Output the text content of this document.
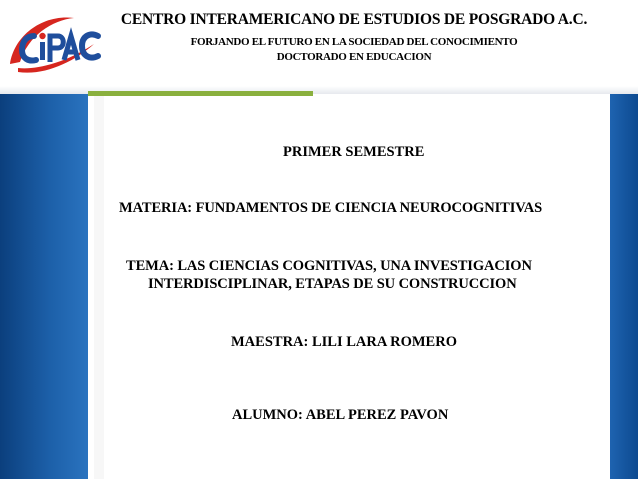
CENTRO INTERAMERICANO DE ESTUDIOS DE POSGRADO A.C.
FORJANDO EL FUTURO EN LA SOCIEDAD DEL CONOCIMIENTO
DOCTORADO EN EDUCACION
PRIMER SEMESTRE
MATERIA: FUNDAMENTOS DE CIENCIA NEUROCOGNITIVAS
TEMA: LAS CIENCIAS COGNITIVAS, UNA INVESTIGACION
INTERDISCIPLINAR, ETAPAS DE SU CONSTRUCCION
MAESTRA: LILI LARA ROMERO
ALUMNO: ABEL PEREZ PAVON
